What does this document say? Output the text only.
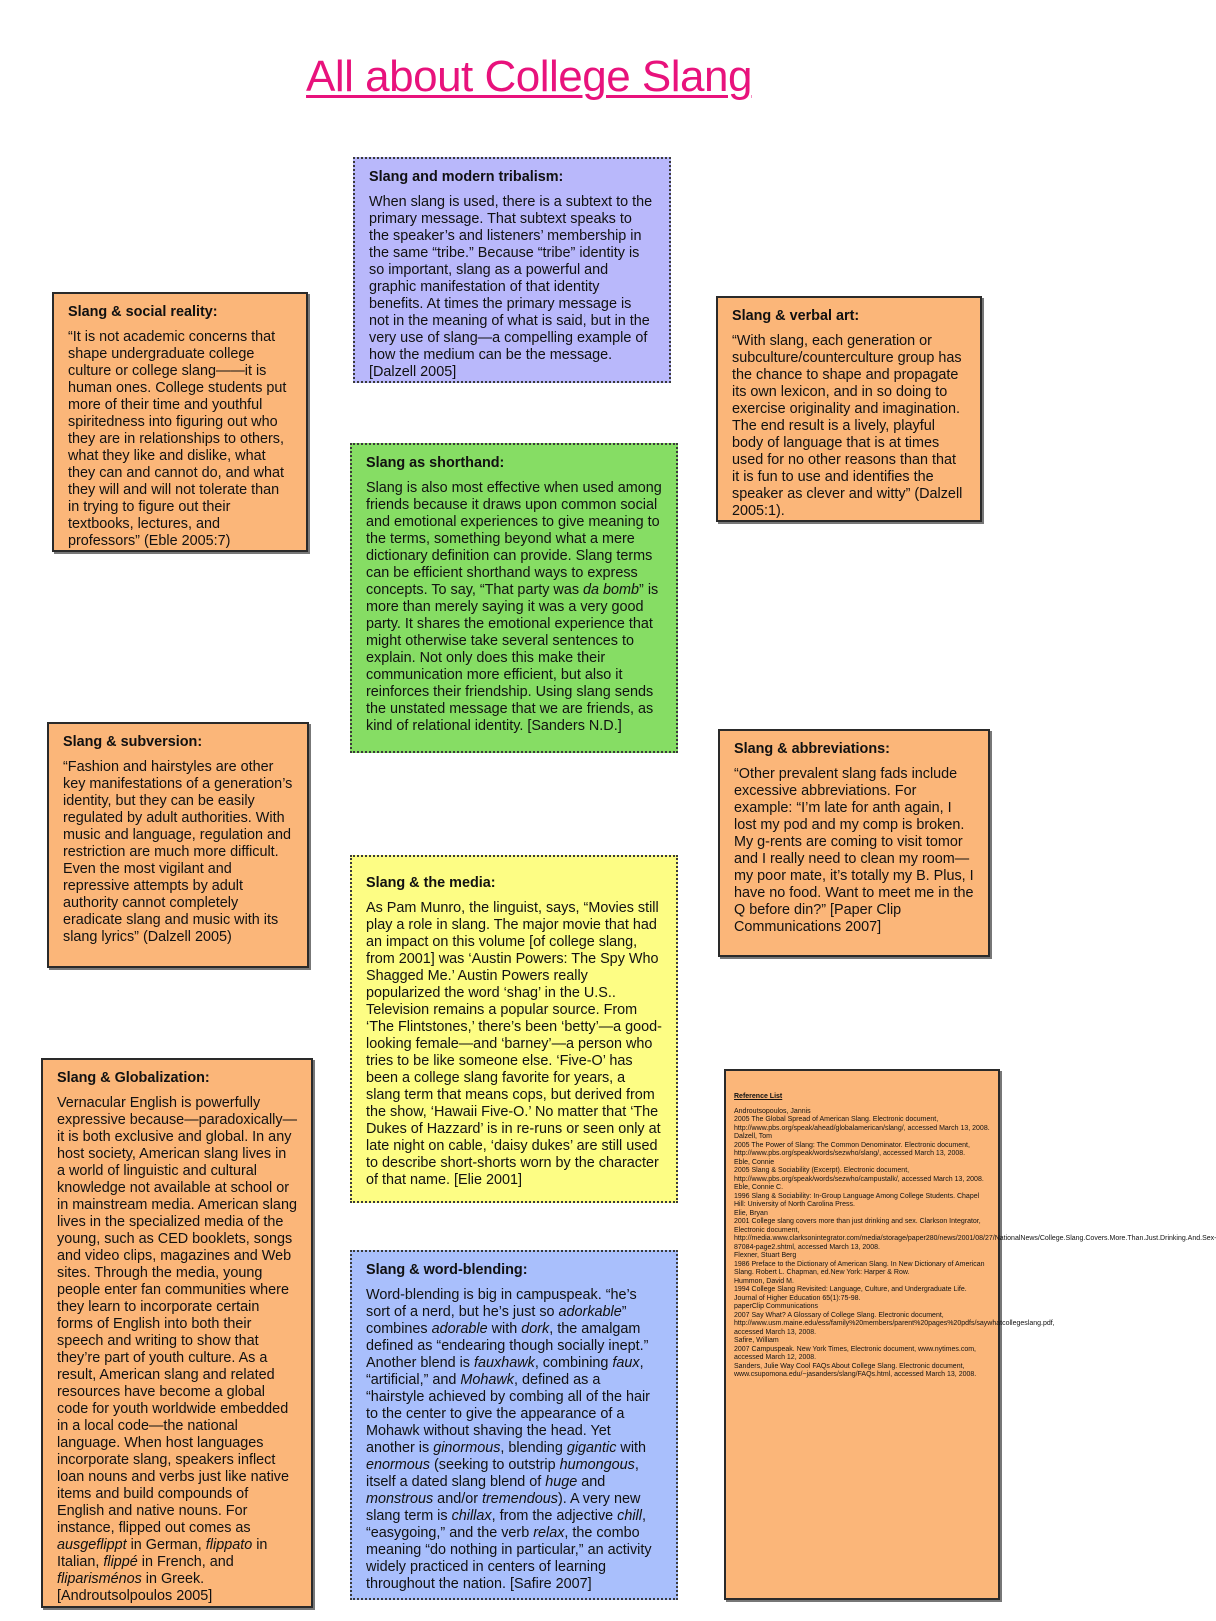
All about College Slang
Slang and modern tribalism:

When slang is used, there is a subtext to the primary message. That subtext speaks to the speaker’s and listeners’ membership in the same “tribe.” Because “tribe” identity is so important, slang as a powerful and graphic manifestation of that identity benefits. At times the primary message is not in the meaning of what is said, but in the very use of slang—a compelling example of how the medium can be the message. [Dalzell 2005]

Slang & social reality:

“It is not academic concerns that shape undergraduate college culture or college slang——it is human ones. College students put more of their time and youthful spiritedness into figuring out who they are in relationships to others, what they like and dislike, what they can and cannot do, and what they will and will not tolerate than in trying to figure out their textbooks, lectures, and professors” (Eble 2005:7)

Slang & verbal art:

“With slang, each generation or subculture/counterculture group has the chance to shape and propagate its own lexicon, and in so doing to exercise originality and imagination. The end result is a lively, playful body of language that is at times used for no other reasons than that it is fun to use and identifies the speaker as clever and witty” (Dalzell 2005:1).

Slang as shorthand:

Slang is also most effective when used among friends because it draws upon common social and emotional experiences to give meaning to the terms, something beyond what a mere dictionary definition can provide. Slang terms can be efficient shorthand ways to express concepts. To say, “That party was da bomb” is more than merely saying it was a very good party. It shares the emotional experience that might otherwise take several sentences to explain. Not only does this make their communication more efficient, but also it reinforces their friendship. Using slang sends the unstated message that we are friends, as kind of relational identity. [Sanders N.D.]

Slang & subversion:

“Fashion and hairstyles are other key manifestations of a generation’s identity, but they can be easily regulated by adult authorities. With music and language, regulation and restriction are much more difficult. Even the most vigilant and repressive attempts by adult authority cannot completely eradicate slang and music with its slang lyrics” (Dalzell 2005)

Slang & abbreviations:

“Other prevalent slang fads include excessive abbreviations. For example: “I’m late for anth again, I lost my pod and my comp is broken. My g-rents are coming to visit tomor and I really need to clean my room—my poor mate, it’s totally my B. Plus, I have no food. Want to meet me in the Q before din?” [Paper Clip Communications 2007]

Slang & the media:

As Pam Munro, the linguist, says, “Movies still play a role in slang. The major movie that had an impact on this volume [of college slang, from 2001] was ‘Austin Powers: The Spy Who Shagged Me.’ Austin Powers really popularized the word ‘shag’ in the U.S.. Television remains a popular source. From ‘The Flintstones,’ there’s been ‘betty’—a good-looking female—and ‘barney’—a person who tries to be like someone else. ‘Five-O’ has been a college slang favorite for years, a slang term that means cops, but derived from the show, ‘Hawaii Five-O.’ No matter that ‘The Dukes of Hazzard’ is in re-runs or seen only at late night on cable, ‘daisy dukes’ are still used to describe short-shorts worn by the character of that name. [Elie 2001]

Slang & Globalization:

Vernacular English is powerfully expressive because—paradoxically—it is both exclusive and global. In any host society, American slang lives in a world of linguistic and cultural knowledge not available at school or in mainstream media. American slang lives in the specialized media of the young, such as CED booklets, songs and video clips, magazines and Web sites. Through the media, young people enter fan communities where they learn to incorporate certain forms of English into both their speech and writing to show that they’re part of youth culture. As a result, American slang and related resources have become a global code for youth worldwide embedded in a local code—the national language. When host languages incorporate slang, speakers inflect loan nouns and verbs just like native items and build compounds of English and native nouns. For instance, flipped out comes as ausgeflippt in German, flippato in Italian, flippé in French, and fliparisménos in Greek. [Androutsolpoulos 2005]

Reference List
Androutsopoulos, Jannis
2005 The Global Spread of American Slang. Electronic document, http://www.pbs.org/speak/ahead/globalamerican/slang/, accessed March 13, 2008.
Dalzell, Tom
2005 The Power of Slang: The Common Denominator. Electronic document, http://www.pbs.org/speak/words/sezwho/slang/, accessed March 13, 2008.
Eble, Connie
2005 Slang & Sociability (Excerpt). Electronic document, http://www.pbs.org/speak/words/sezwho/campustalk/, accessed March 13, 2008.
Eble, Connie C.
1996 Slang & Sociability: In-Group Language Among College Students. Chapel Hill: University of North Carolina Press.
Elie, Bryan
2001 College slang covers more than just drinking and sex. Clarkson Integrator, Electronic document, http://media.www.clarksonintegrator.com/media/storage/paper280/news/2001/08/27/NationalNews/College.Slang.Covers.More.Than.Just.Drinking.And.Sex-87084-page2.shtml, accessed March 13, 2008.
Flexner, Stuart Berg
1986 Preface to the Dictionary of American Slang. In New Dictionary of American Slang. Robert L. Chapman, ed.New York: Harper & Row.
Hummon, David M.
1994 College Slang Revisited: Language, Culture, and Undergraduate Life. Journal of Higher Education 65(1):75-98.
paperClip Communications
2007 Say What? A Glossary of College Slang. Electronic document, http://www.usm.maine.edu/ess/family%20members/parent%20pages%20pdfs/saywhatcollegeslang.pdf, accessed March 13, 2008.
Safire, William
2007 Campuspeak. New York Times, Electronic document, www.nytimes.com, accessed March 12, 2008.
Sanders, Julie Way Cool FAQs About College Slang. Electronic document, www.csupomona.edu/~jasanders/slang/FAQs.html, accessed March 13, 2008.
Slang & word-blending:

Word-blending is big in campuspeak. “he’s sort of a nerd, but he’s just so adorkable” combines adorable with dork, the amalgam defined as “endearing though socially inept.” Another blend is fauxhawk, combining faux, “artificial,” and Mohawk, defined as a “hairstyle achieved by combing all of the hair to the center to give the appearance of a Mohawk without shaving the head. Yet another is ginormous, blending gigantic with enormous (seeking to outstrip humongous, itself a dated slang blend of huge and monstrous and/or tremendous). A very new slang term is chillax, from the adjective chill, “easygoing,” and the verb relax, the combo meaning “do nothing in particular,” an activity widely practiced in centers of learning throughout the nation. [Safire 2007]
